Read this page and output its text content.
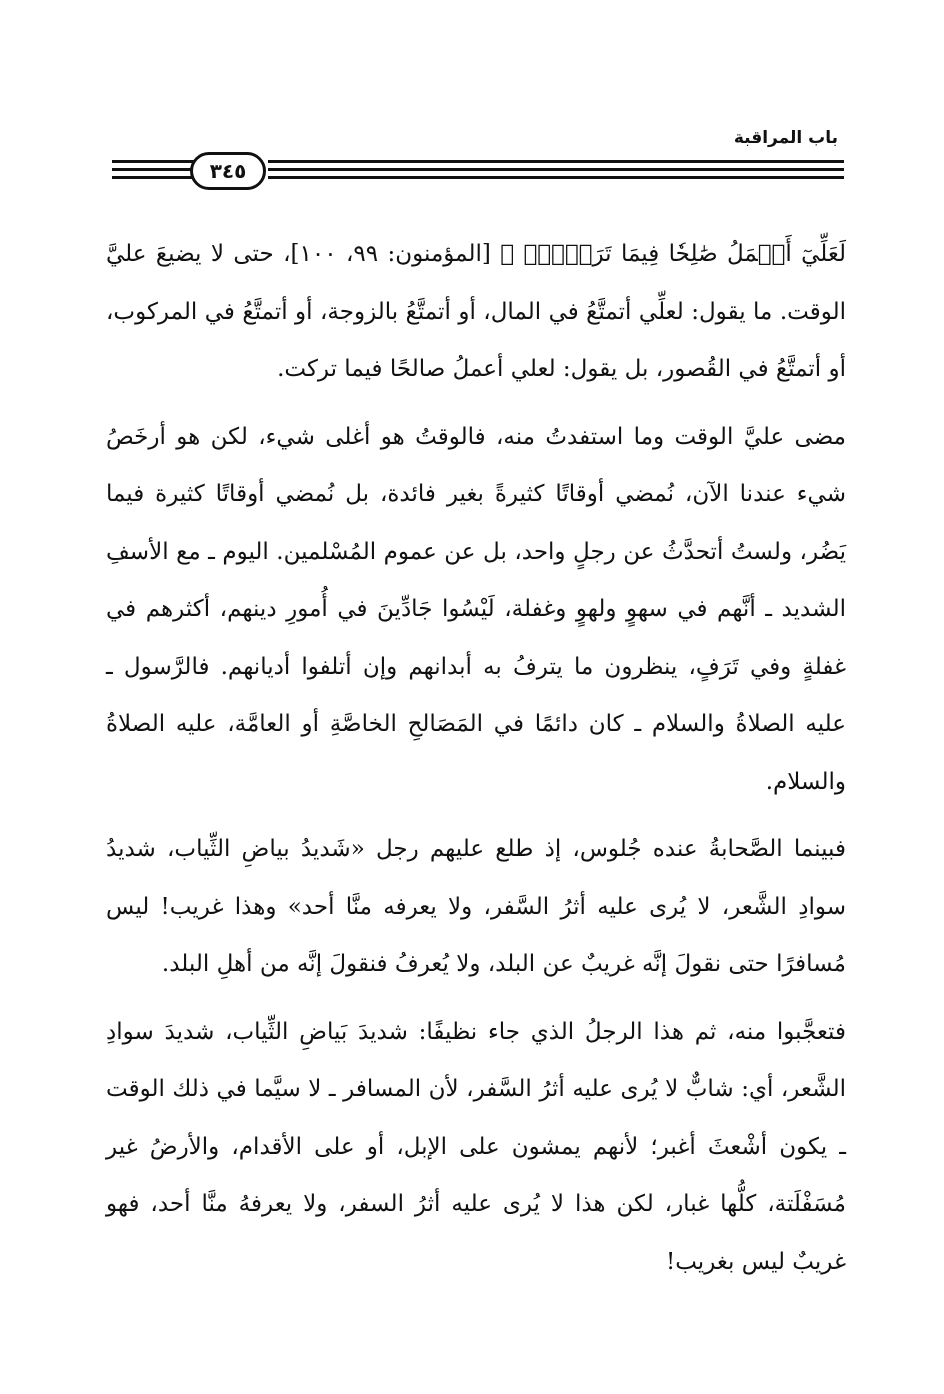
باب المراقبة
٣٤٥

لَعَلِّيٓ أَعۡمَلُ صَٰلِحٗا فِيمَا تَرَكۡتُۚ ﴾ [المؤمنون: ٩٩، ١٠٠]، حتى لا يضيعَ عليَّ الوقت. ما يقول: لعلِّي أتمتَّعُ في المال، أو أتمتَّعُ بالزوجة، أو أتمتَّعُ في المركوب، أو أتمتَّعُ في القُصور، بل يقول: لعلي أعملُ صالحًا فيما تركت.

مضى عليَّ الوقت وما استفدتُ منه، فالوقتُ هو أغلى شيء، لكن هو أرخَصُ شيء عندنا الآن، نُمضي أوقاتًا كثيرةً بغير فائدة، بل نُمضي أوقاتًا كثيرة فيما يَضُر، ولستُ أتحدَّثُ عن رجلٍ واحد، بل عن عموم المُسْلمين. اليوم ـ مع الأسفِ الشديد ـ أنَّهم في سهوٍ ولهوٍ وغفلة، لَيْسُوا جَادِّينَ في أُمورِ دينهم، أكثرهم في غفلةٍ وفي تَرَفٍ، ينظرون ما يترفُ به أبدانهم وإن أتلفوا أديانهم. فالرَّسول ـ عليه الصلاةُ والسلام ـ كان دائمًا في المَصَالحِ الخاصَّةِ أو العامَّة، عليه الصلاةُ والسلام.

فبينما الصَّحابةُ عنده جُلوس، إذ طلع عليهم رجل «شَديدُ بياضِ الثِّياب، شديدُ سوادِ الشَّعر، لا يُرى عليه أثرُ السَّفر، ولا يعرفه منَّا أحد» وهذا غريب! ليس مُسافرًا حتى نقولَ إنَّه غريبٌ عن البلد، ولا يُعرفُ فنقولَ إنَّه من أهلِ البلد.

فتعجَّبوا منه، ثم هذا الرجلُ الذي جاء نظيفًا: شديدَ بَياضِ الثِّياب، شديدَ سوادِ الشَّعر، أي: شابٌّ لا يُرى عليه أثرُ السَّفر، لأن المسافر ـ لا سيَّما في ذلك الوقت ـ يكون أشْعثَ أغبر؛ لأنهم يمشون على الإبل، أو على الأقدام، والأرضُ غير مُسَفْلَتة، كلُّها غبار، لكن هذا لا يُرى عليه أثرُ السفر، ولا يعرفهُ منَّا أحد، فهو غريبٌ ليس بغريب!
